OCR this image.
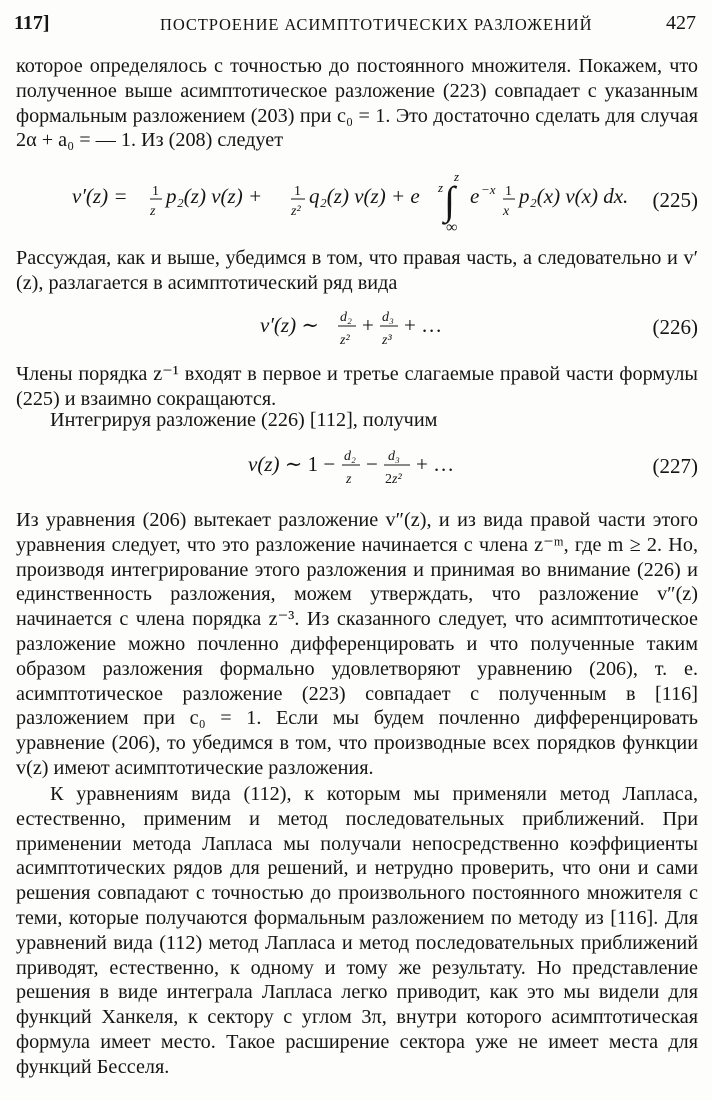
117]	ПОСТРОЕНИЕ АСИМПТОТИЧЕСКИХ РАЗЛОЖЕНИЙ	427
которое определялось с точностью до постоянного множителя. Покажем, что полученное выше асимптотическое разложение (223) совпадает с указанным формальным разложением (203) при c₀ = 1. Это достаточно сделать для случая 2α + a₀ = — 1. Из (208) следует
v′(z) = 1
z
p₂(z) v(z) + 1
z²
q₂(z) v(z) + e z
z
∫
∞
e −x 1
x
p₂(x) v(x) dx. (225)
Рассуждая, как и выше, убедимся в том, что правая часть, а следовательно и v′(z), разлагается в асимптотический ряд вида
v′(z) ∼ d₂
z²
+ d₃
z³
+ …	(226)
Члены порядка z⁻¹ входят в первое и третье слагаемые правой части формулы (225) и взаимно сокращаются.
Интегрируя разложение (226) [112], получим
v(z) ∼ 1 − d₂
z
− d₃
2z²
+ …	(227)
Из уравнения (206) вытекает разложение v″(z), и из вида правой части этого уравнения следует, что это разложение начинается с члена z⁻ᵐ, где m ≥ 2. Но, производя интегрирование этого разложения и принимая во внимание (226) и единственность разложения, можем утверждать, что разложение v″(z) начинается с члена порядка z⁻³. Из сказанного следует, что асимптотическое разложение можно почленно дифференцировать и что полученные таким образом разложения формально удовлетворяют уравнению (206), т. е. асимптотическое разложение (223) совпадает с полученным в [116] разложением при c₀ = 1. Если мы будем почленно дифференцировать уравнение (206), то убедимся в том, что производные всех порядков функции v(z) имеют асимптотические разложения.
К уравнениям вида (112), к которым мы применяли метод Лапласа, естественно, применим и метод последовательных приближений. При применении метода Лапласа мы получали непосредственно коэффициенты асимптотических рядов для решений, и нетрудно проверить, что они и сами решения совпадают с точностью до произвольного постоянного множителя с теми, которые получаются формальным разложением по методу из [116]. Для уравнений вида (112) метод Лапласа и метод последовательных приближений приводят, естественно, к одному и тому же результату. Но представление решения в виде интеграла Лапласа легко приводит, как это мы видели для функций Ханкеля, к сектору с углом 3π, внутри которого асимптотическая формула имеет место. Такое расширение сектора уже не имеет места для функций Бесселя.
